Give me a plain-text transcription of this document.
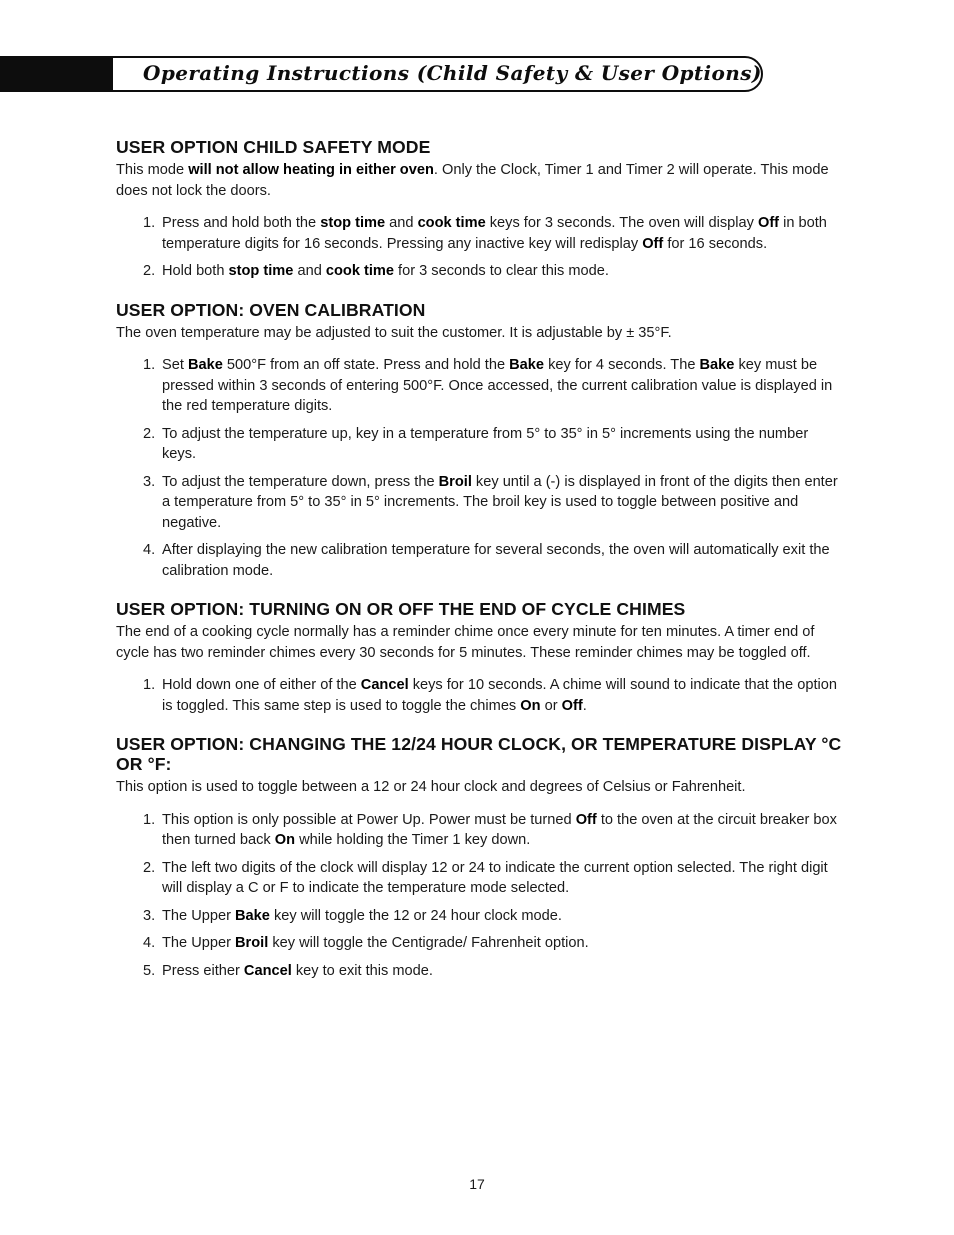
Operating Instructions (Child Safety & User Options)
USER OPTION CHILD SAFETY MODE

This mode will not allow heating in either oven. Only the Clock, Timer 1 and Timer 2 will operate. This mode does not lock the doors.

1. Press and hold both the stop time and cook time keys for 3 seconds. The oven will display Off in both temperature digits for 16 seconds. Pressing any inactive key will redisplay Off for 16 seconds.
2. Hold both stop time and cook time for 3 seconds to clear this mode.
USER OPTION: OVEN CALIBRATION

The oven temperature may be adjusted to suit the customer. It is adjustable by ± 35°F.

1. Set Bake 500°F from an off state. Press and hold the Bake key for 4 seconds. The Bake key must be pressed within 3 seconds of entering 500°F. Once accessed, the current calibration value is displayed in the red temperature digits.
2. To adjust the temperature up, key in a temperature from 5° to 35° in 5° increments using the number keys.
3. To adjust the temperature down, press the Broil key until a (-) is displayed in front of the digits then enter a temperature from 5° to 35° in 5° increments. The broil key is used to toggle between positive and negative.
4. After displaying the new calibration temperature for several seconds, the oven will automatically exit the calibration mode.
USER OPTION: TURNING ON OR OFF THE END OF CYCLE CHIMES

The end of a cooking cycle normally has a reminder chime once every minute for ten minutes. A timer end of cycle has two reminder chimes every 30 seconds for 5 minutes. These reminder chimes may be toggled off.

1. Hold down one of either of the Cancel keys for 10 seconds. A chime will sound to indicate that the option is toggled. This same step is used to toggle the chimes On or Off.
USER OPTION: CHANGING THE 12/24 HOUR CLOCK, OR TEMPERATURE DISPLAY °C OR °F:

This option is used to toggle between a 12 or 24 hour clock and degrees of Celsius or Fahrenheit.

1. This option is only possible at Power Up. Power must be turned Off to the oven at the circuit breaker box then turned back On while holding the Timer 1 key down.
2. The left two digits of the clock will display 12 or 24 to indicate the current option selected. The right digit will display a C or F to indicate the temperature mode selected.
3. The Upper Bake key will toggle the 12 or 24 hour clock mode.
4. The Upper Broil key will toggle the Centigrade/ Fahrenheit option.
5. Press either Cancel key to exit this mode.
17
